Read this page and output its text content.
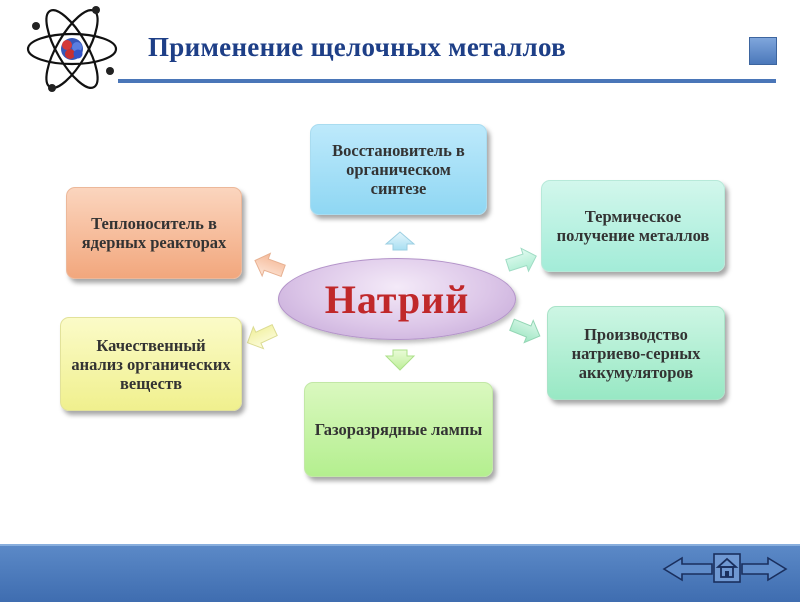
Применение щелочных металлов
Восстановитель в органическом синтезе
Теплоноситель в ядерных реакторах
Термическое получение металлов
Качественный анализ органических веществ
Производство натриево-серных аккумуляторов
Газоразрядные лампы
Натрий
